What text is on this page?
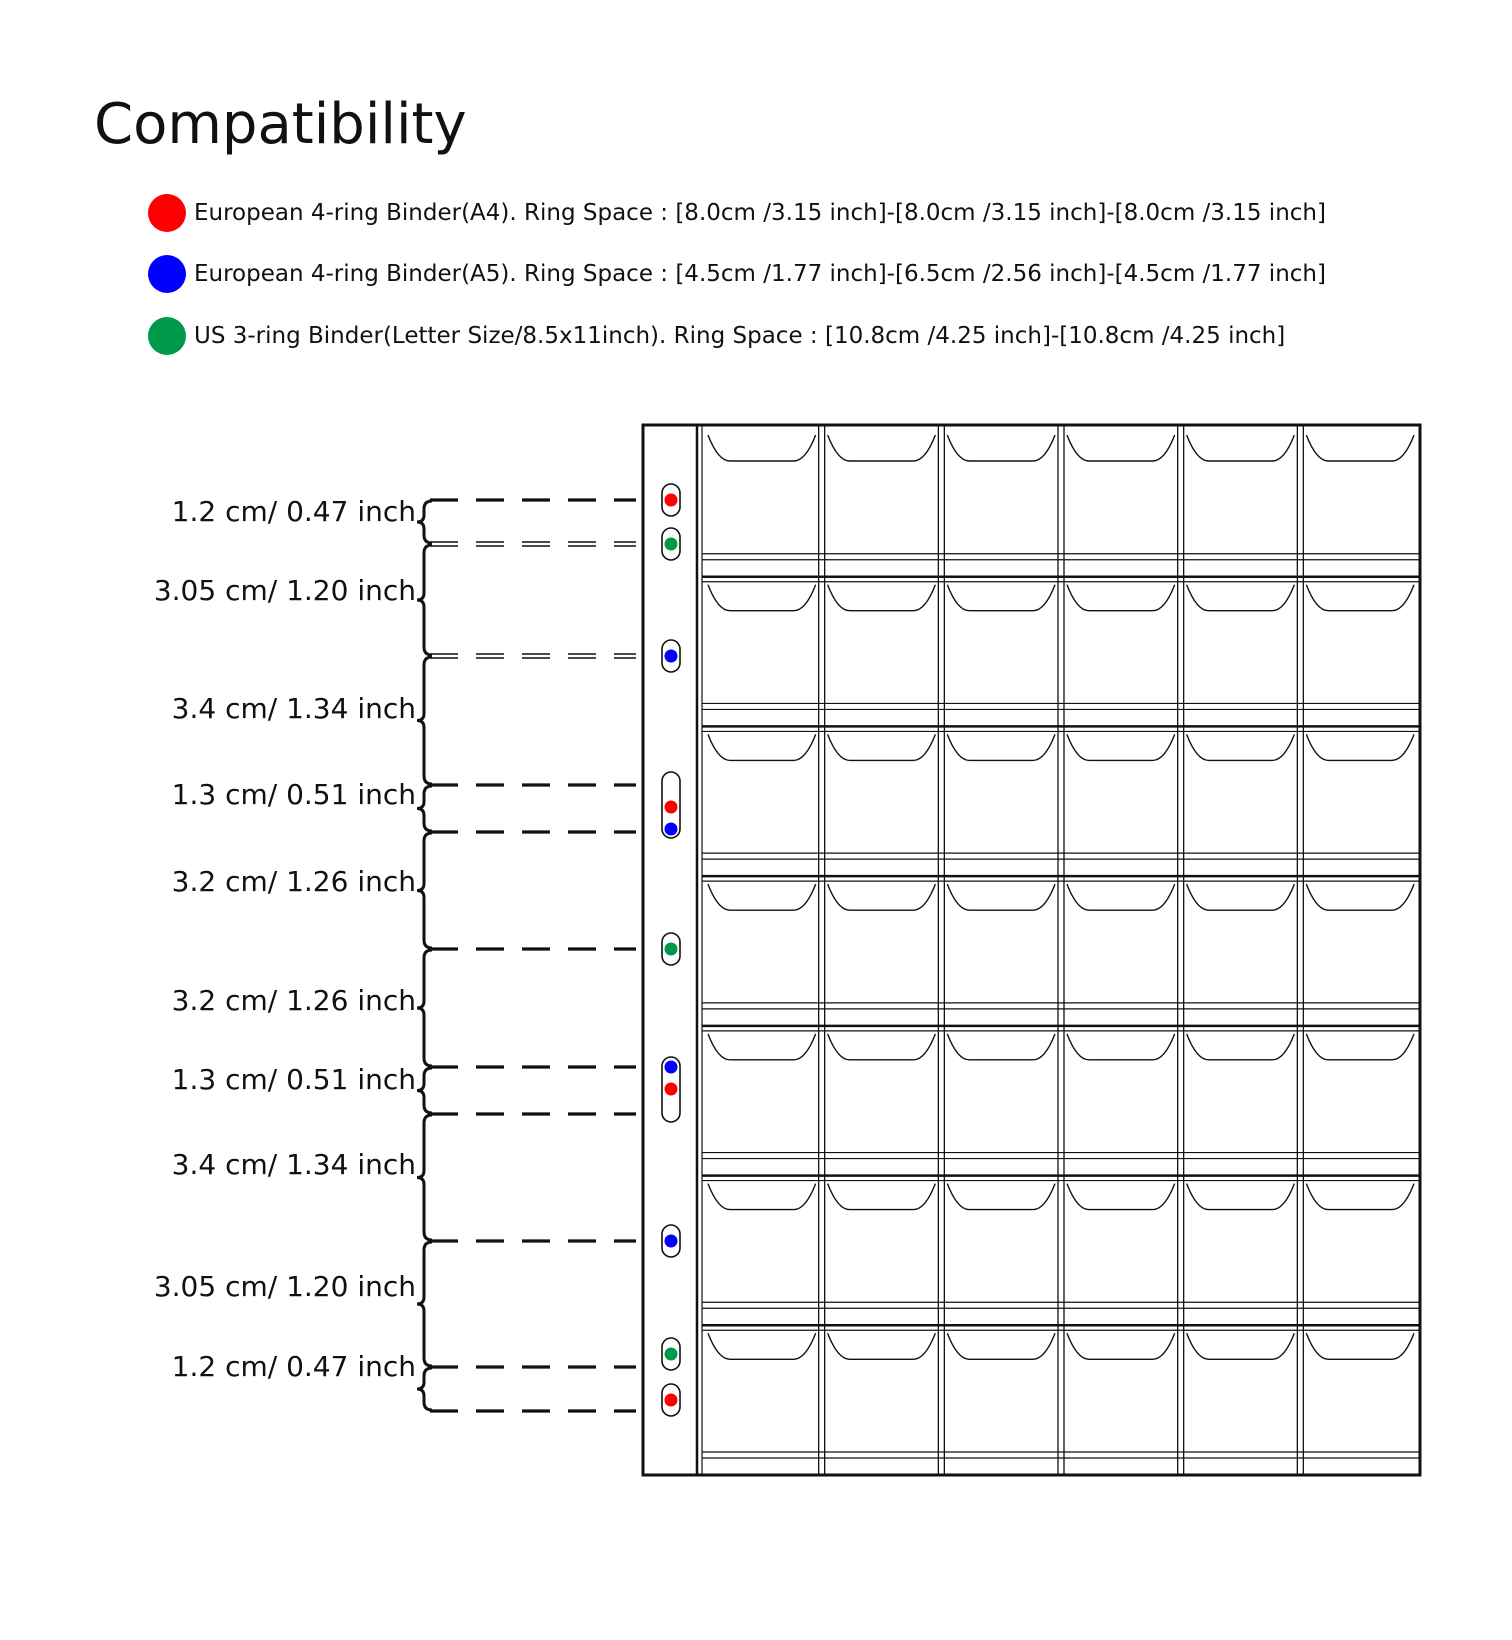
Compatibility
European 4-ring Binder(A4). Ring Space : [8.0cm /3.15 inch]-[8.0cm /3.15 inch]-[8.0cm /3.15 inch]
European 4-ring Binder(A5). Ring Space : [4.5cm /1.77 inch]-[6.5cm /2.56 inch]-[4.5cm /1.77 inch]
US 3-ring Binder(Letter Size/8.5x11inch). Ring Space : [10.8cm /4.25 inch]-[10.8cm /4.25 inch]
1.2 cm/ 0.47 inch
3.05 cm/ 1.20 inch
3.4 cm/ 1.34 inch
1.3 cm/ 0.51 inch
3.2 cm/ 1.26 inch
3.2 cm/ 1.26 inch
1.3 cm/ 0.51 inch
3.4 cm/ 1.34 inch
3.05 cm/ 1.20 inch
1.2 cm/ 0.47 inch
